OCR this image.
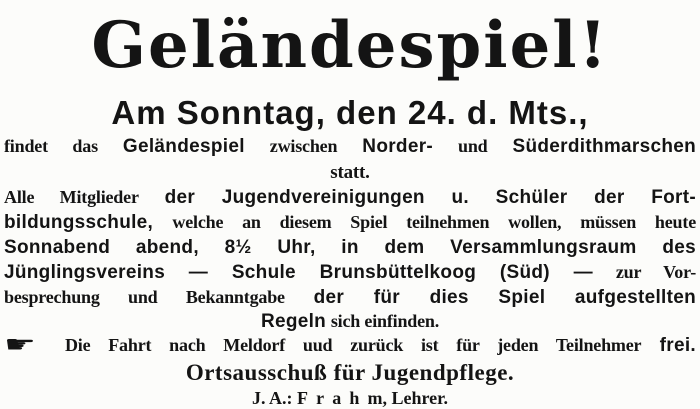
Geländespiel!
Am Sonntag, den 24. d. Mts.,
findet das Geländespiel zwischen Norder- und Süderdithmarschen
statt.
Alle Mitglieder der Jugendvereinigungen u. Schüler der Fort-
bildungsschule, welche an diesem Spiel teilnehmen wollen, müssen heute
Sonnabend abend, 8½ Uhr, in dem Versammlungsraum des
Jünglingsvereins — Schule Brunsbüttelkoog (Süd) — zur Vor-
besprechung und Bekanntgabe der für dies Spiel aufgestellten
Regeln sich einfinden.
☛ Die Fahrt nach Meldorf uud zurück ist für jeden Teilnehmer frei.
Ortsausschuß für Jugendpflege.
J. A.: Frahm, Lehrer.
